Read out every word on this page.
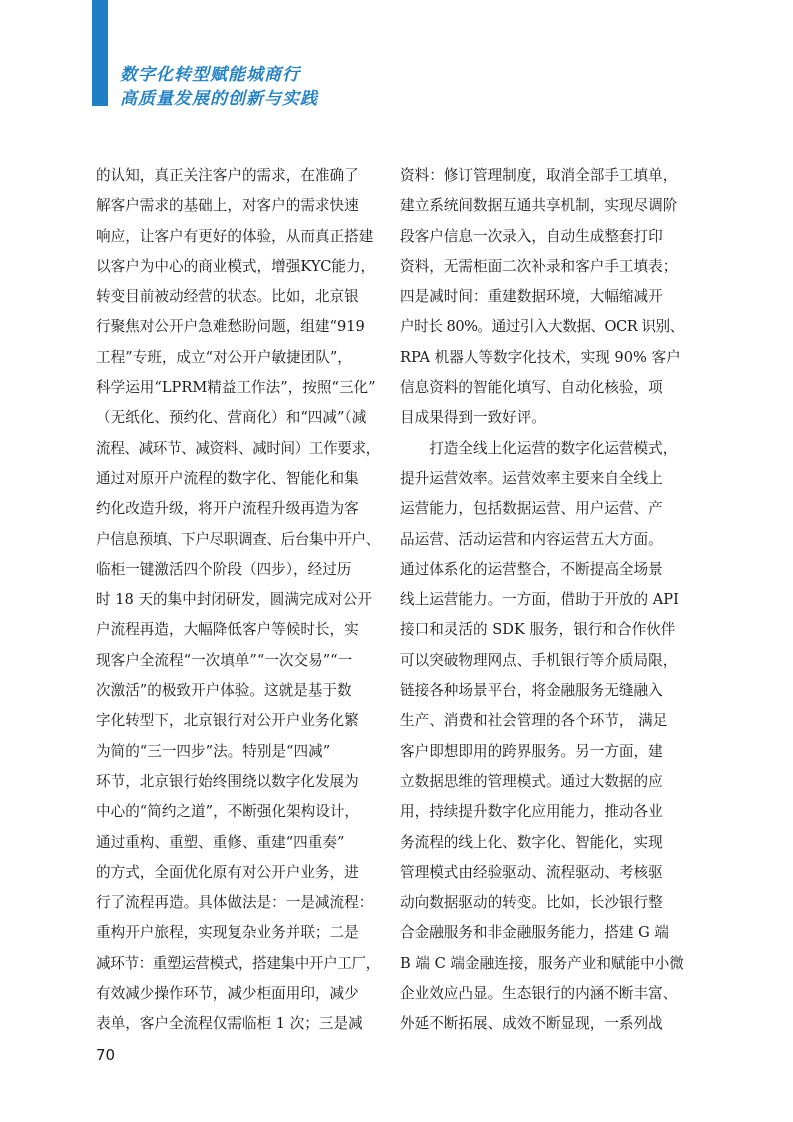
数字化转型赋能城商行
高质量发展的创新与实践
的认知，真正关注客户的需求，在准确了
解客户需求的基础上，对客户的需求快速
响应，让客户有更好的体验，从而真正搭建
以客户为中心的商业模式，增强KYC能力，
转变目前被动经营的状态。比如，北京银
行聚焦对公开户急难愁盼问题，组建“919
工程”专班，成立“对公开户敏捷团队”，
科学运用“LPRM精益工作法”，按照“三化”
（无纸化、预约化、营商化）和“四减”（减
流程、减环节、减资料、减时间）工作要求，
通过对原开户流程的数字化、智能化和集
约化改造升级，将开户流程升级再造为客
户信息预填、下户尽职调查、后台集中开户、
临柜一键激活四个阶段（四步），经过历
时 18 天的集中封闭研发，圆满完成对公开
户流程再造，大幅降低客户等候时长，实
现客户全流程“一次填单”“一次交易”“一
次激活”的极致开户体验。这就是基于数
字化转型下，北京银行对公开户业务化繁
为简的“三一四步”法。特别是“四减”
环节，北京银行始终围绕以数字化发展为
中心的“简约之道”，不断强化架构设计，
通过重构、重塑、重修、重建“四重奏”
的方式，全面优化原有对公开户业务，进
行了流程再造。具体做法是：一是减流程：
重构开户旅程，实现复杂业务并联；二是
减环节：重塑运营模式，搭建集中开户工厂，
有效减少操作环节，减少柜面用印，减少
表单，客户全流程仅需临柜 1 次；三是减
资料：修订管理制度，取消全部手工填单，
建立系统间数据互通共享机制，实现尽调阶
段客户信息一次录入，自动生成整套打印
资料，无需柜面二次补录和客户手工填表；
四是减时间：重建数据环境，大幅缩减开
户时长 80%。通过引入大数据、OCR 识别、
RPA 机器人等数字化技术，实现 90% 客户
信息资料的智能化填写、自动化核验，项
目成果得到一致好评。
　　打造全线上化运营的数字化运营模式，
提升运营效率。运营效率主要来自全线上
运营能力，包括数据运营、用户运营、产
品运营、活动运营和内容运营五大方面。
通过体系化的运营整合，不断提高全场景
线上运营能力。一方面，借助于开放的 API
接口和灵活的 SDK 服务，银行和合作伙伴
可以突破物理网点、手机银行等介质局限，
链接各种场景平台，将金融服务无缝融入
生产、消费和社会管理的各个环节， 满足
客户即想即用的跨界服务。另一方面，建
立数据思维的管理模式。通过大数据的应
用，持续提升数字化应用能力，推动各业
务流程的线上化、数字化、智能化，实现
管理模式由经验驱动、流程驱动、考核驱
动向数据驱动的转变。比如，长沙银行整
合金融服务和非金融服务能力，搭建 G 端
B 端 C 端金融连接，服务产业和赋能中小微
企业效应凸显。生态银行的内涵不断丰富、
外延不断拓展、成效不断显现，一系列战
70
